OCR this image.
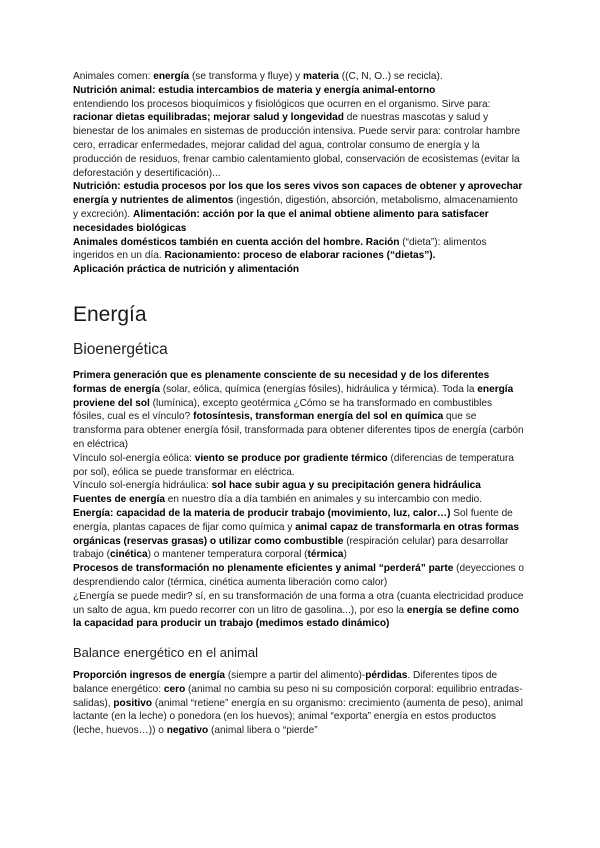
Animales comen: energía (se transforma y fluye) y materia ((C, N, O..) se recicla).

Nutrición animal: estudia intercambios de materia y energía animal-entorno

entendiendo los procesos bioquímicos y fisiológicos que ocurren en el organismo. Sirve para: racionar dietas equilibradas; mejorar salud y longevidad de nuestras mascotas y salud y bienestar de los animales en sistemas de producción intensiva. Puede servir para: controlar hambre cero, erradicar enfermedades, mejorar calidad del agua, controlar consumo de energía y la producción de residuos, frenar cambio calentamiento global, conservación de ecosistemas (evitar la deforestación y desertificación)...

Nutrición: estudia procesos por los que los seres vivos son capaces de obtener y aprovechar energía y nutrientes de alimentos (ingestión, digestión, absorción, metabolismo, almacenamiento y excreción). Alimentación: acción por la que el animal obtiene alimento para satisfacer necesidades biológicas

Animales domésticos también en cuenta acción del hombre. Ración (“dieta”): alimentos ingeridos en un día. Racionamiento: proceso de elaborar raciones (“dietas”).

Aplicación práctica de nutrición y alimentación

Energía
Bioenergética

Primera generación que es plenamente consciente de su necesidad y de los diferentes formas de energía (solar, eólica, química (energías fósiles), hidráulica y térmica). Toda la energía proviene del sol (lumínica), excepto geotérmica ¿Cómo se ha transformado en combustibles fósiles, cual es el vínculo? fotosíntesis, transforman energía del sol en química que se transforma para obtener energía fósil, transformada para obtener diferentes tipos de energía (carbón en eléctrica)

Vínculo sol-energía eólica: viento se produce por gradiente térmico (diferencias de temperatura por sol), eólica se puede transformar en eléctrica.

Vínculo sol-energía hidráulica: sol hace subir agua y su precipitación genera hidráulica

Fuentes de energía en nuestro día a día también en animales y su intercambio con medio.

Energía: capacidad de la materia de producir trabajo (movimiento, luz, calor…) Sol fuente de energía, plantas capaces de fijar como química y animal capaz de transformarla en otras formas orgánicas (reservas grasas) o utilizar como combustible (respiración celular) para desarrollar trabajo (cinética) o mantener temperatura corporal (térmica)

Procesos de transformación no plenamente eficientes y animal “perderá” parte (deyecciones o desprendiendo calor (térmica, cinética aumenta liberación como calor)

¿Energía se puede medir? sí, en su transformación de una forma a otra (cuanta electricidad produce un salto de agua, km puedo recorrer con un litro de gasolina...), por eso la energía se define como la capacidad para producir un trabajo (medimos estado dinámico)

Balance energético en el animal

Proporción ingresos de energía (siempre a partir del alimento)-pérdidas. Diferentes tipos de balance energético: cero (animal no cambia su peso ni su composición corporal: equilibrio entradas-salidas), positivo (animal “retiene” energía en su organismo: crecimiento (aumenta de peso), animal lactante (en la leche) o ponedora (en los huevos); animal “exporta” energía en estos productos (leche, huevos…)) o negativo (animal libera o “pierde”
